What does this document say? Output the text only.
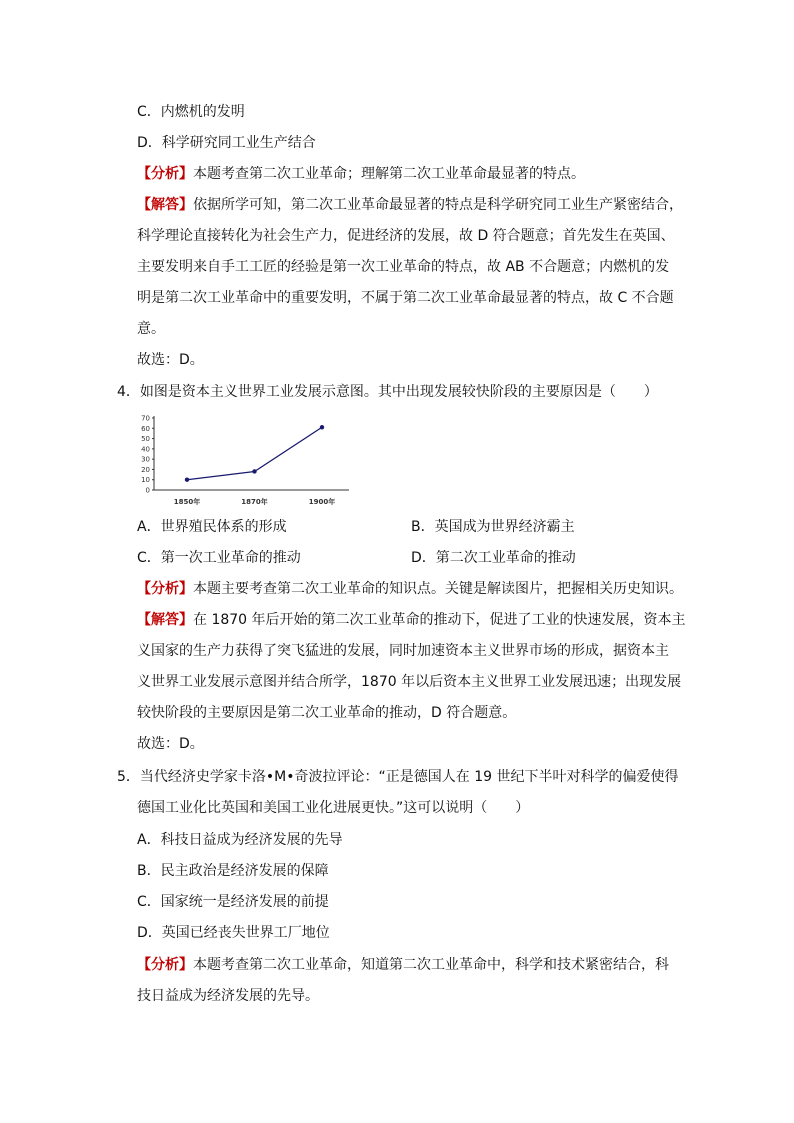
C．内燃机的发明
D．科学研究同工业生产结合
【分析】本题考查第二次工业革命；理解第二次工业革命最显著的特点。
【解答】依据所学可知，第二次工业革命最显著的特点是科学研究同工业生产紧密结合，
科学理论直接转化为社会生产力，促进经济的发展，故 D 符合题意；首先发生在英国、
主要发明来自手工工匠的经验是第一次工业革命的特点，故 AB 不合题意；内燃机的发
明是第二次工业革命中的重要发明，不属于第二次工业革命最显著的特点，故 C 不合题
意。
故选：D。
4．如图是资本主义世界工业发展示意图。其中出现发展较快阶段的主要原因是（　　）
0
10
20
30
40
50
60
70
1850年	1870年	1900年
A．世界殖民体系的形成	B．英国成为世界经济霸主
C．第一次工业革命的推动	D．第二次工业革命的推动
【分析】本题主要考查第二次工业革命的知识点。关键是解读图片，把握相关历史知识。
【解答】在 1870 年后开始的第二次工业革命的推动下，促进了工业的快速发展，资本主
义国家的生产力获得了突飞猛进的发展，同时加速资本主义世界市场的形成，据资本主
义世界工业发展示意图并结合所学，1870 年以后资本主义世界工业发展迅速；出现发展
较快阶段的主要原因是第二次工业革命的推动，D 符合题意。
故选：D。
5．当代经济史学家卡洛•M•奇波拉评论：“正是德国人在 19 世纪下半叶对科学的偏爱使得
德国工业化比英国和美国工业化进展更快。”这可以说明（　　）
A．科技日益成为经济发展的先导
B．民主政治是经济发展的保障
C．国家统一是经济发展的前提
D．英国已经丧失世界工厂地位
【分析】本题考查第二次工业革命，知道第二次工业革命中，科学和技术紧密结合，科
技日益成为经济发展的先导。
